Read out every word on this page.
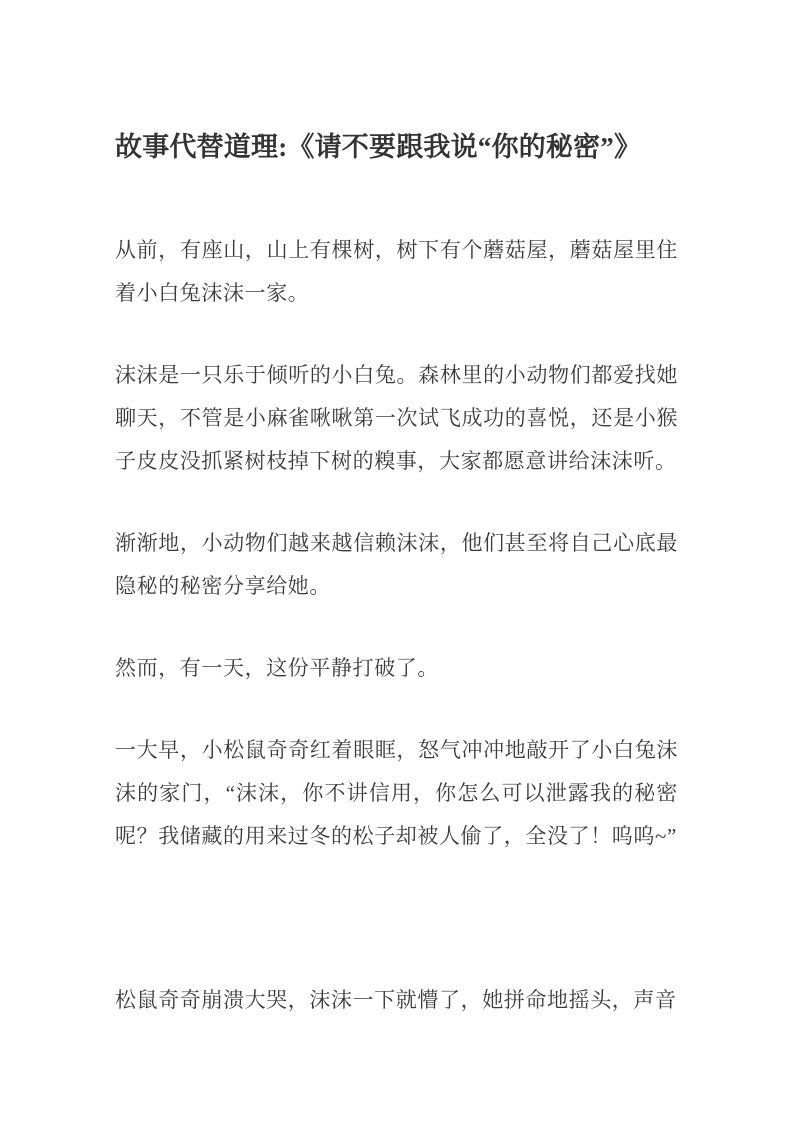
故事代替道理:《请不要跟我说“你的秘密”》

从前，有座山，山上有棵树，树下有个蘑菇屋，蘑菇屋里住着小白兔沫沫一家。

沫沫是一只乐于倾听的小白兔。森林里的小动物们都爱找她聊天，不管是小麻雀啾啾第一次试飞成功的喜悦，还是小猴子皮皮没抓紧树枝掉下树的糗事，大家都愿意讲给沫沫听。

渐渐地，小动物们越来越信赖沫沫，他们甚至将自己心底最隐秘的秘密分享给她。

然而，有一天，这份平静打破了。

一大早，小松鼠奇奇红着眼眶，怒气冲冲地敲开了小白兔沫沫的家门，“沫沫，你不讲信用，你怎么可以泄露我的秘密呢？我储藏的用来过冬的松子却被人偷了，全没了！呜呜~”

松鼠奇奇崩溃大哭，沫沫一下就懵了，她拼命地摇头，声音
